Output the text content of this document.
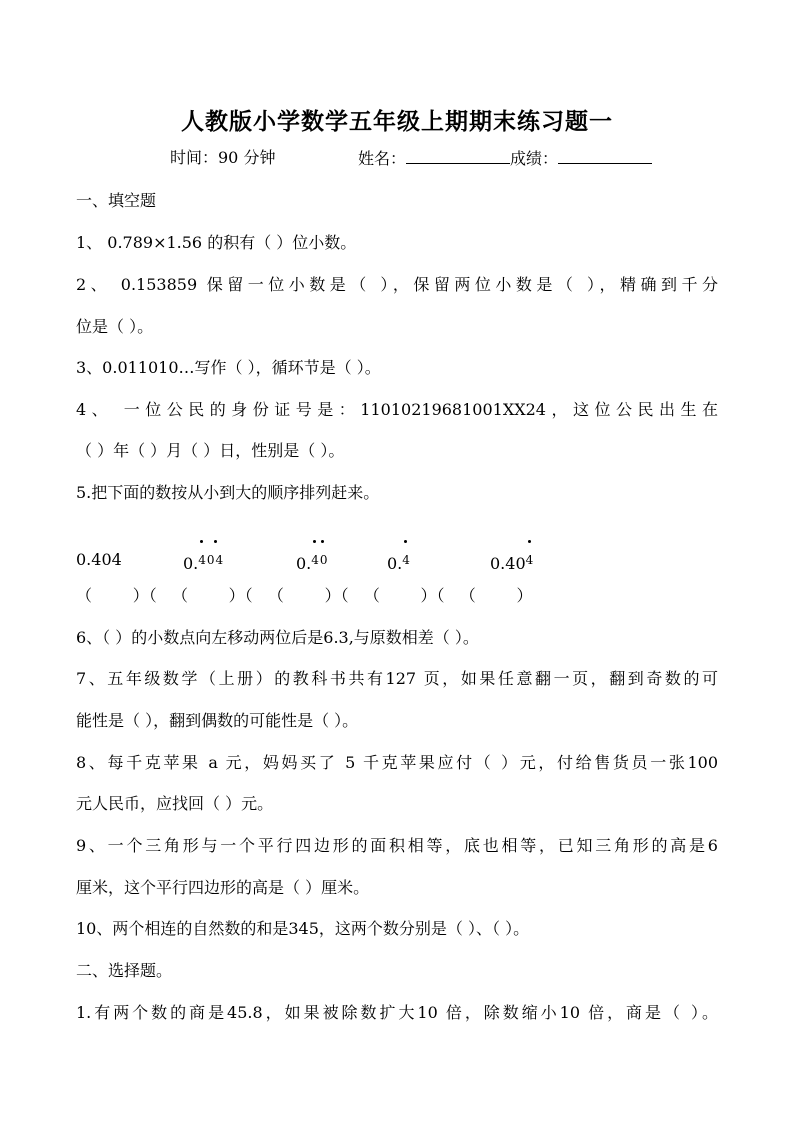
人教版小学数学五年级上期期末练习题一
时间：90 分钟	姓名：	成绩：
一、填空题
1、 0.789×1.56 的积有（ ）位小数。
2、 0.153859 保留一位小数是（ ），保留两位小数是（ ），精确到千分
位是（ ）。
3、0.011010…写作（ ），循环节是（ ）。
4、 一位公民的身份证号是：11010219681001XX24，这位公民出生在
（ ）年（ ）月（ ）日，性别是（ ）。
5.把下面的数按从小到大的顺序排列赶来。
0.404	0.404	0.40	0.4	0.404
（        ）（   （        ）（   （        ）（   （        ）（   （        ）
6、（ ）的小数点向左移动两位后是6.3,与原数相差（ ）。
7、五年级数学（上册）的教科书共有127 页，如果任意翻一页，翻到奇数的可
能性是（ ），翻到偶数的可能性是（ ）。
8、每千克苹果 a 元，妈妈买了 5 千克苹果应付（ ）元，付给售货员一张100
元人民币，应找回（ ）元。
9、一个三角形与一个平行四边形的面积相等，底也相等，已知三角形的高是6
厘米，这个平行四边形的高是（ ）厘米。
10、两个相连的自然数的和是345，这两个数分别是（ ）、（ ）。
二、选择题。
1.有两个数的商是45.8，如果被除数扩大10 倍，除数缩小10 倍，商是（ ）。
